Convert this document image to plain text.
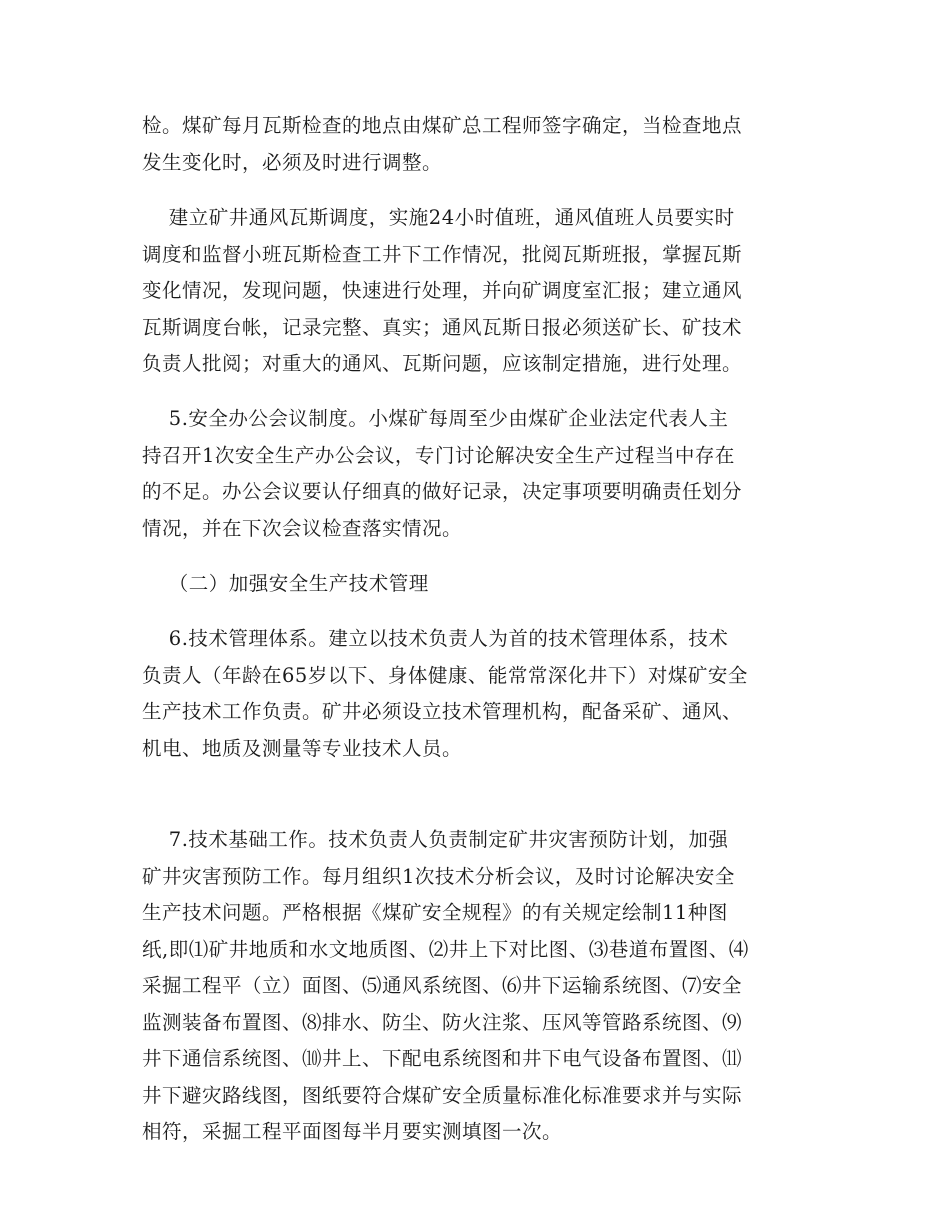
检。煤矿每月瓦斯检查的地点由煤矿总工程师签字确定，当检查地点
发生变化时，必须及时进行调整。

建立矿井通风瓦斯调度，实施24小时值班，通风值班人员要实时
调度和监督小班瓦斯检查工井下工作情况，批阅瓦斯班报，掌握瓦斯
变化情况，发现问题，快速进行处理，并向矿调度室汇报；建立通风
瓦斯调度台帐，记录完整、真实；通风瓦斯日报必须送矿长、矿技术
负责人批阅；对重大的通风、瓦斯问题，应该制定措施，进行处理。

5.安全办公会议制度。小煤矿每周至少由煤矿企业法定代表人主
持召开1次安全生产办公会议，专门讨论解决安全生产过程当中存在
的不足。办公会议要认仔细真的做好记录，决定事项要明确责任划分
情况，并在下次会议检查落实情况。

（二）加强安全生产技术管理

6.技术管理体系。建立以技术负责人为首的技术管理体系，技术
负责人（年龄在65岁以下、身体健康、能常常深化井下）对煤矿安全
生产技术工作负责。矿井必须设立技术管理机构，配备采矿、通风、
机电、地质及测量等专业技术人员。

7.技术基础工作。技术负责人负责制定矿井灾害预防计划，加强
矿井灾害预防工作。每月组织1次技术分析会议，及时讨论解决安全
生产技术问题。严格根据《煤矿安全规程》的有关规定绘制11种图
纸,即⑴矿井地质和水文地质图、⑵井上下对比图、⑶巷道布置图、⑷
采掘工程平（立）面图、⑸通风系统图、⑹井下运输系统图、⑺安全
监测装备布置图、⑻排水、防尘、防火注浆、压风等管路系统图、⑼
井下通信系统图、⑽井上、下配电系统图和井下电气设备布置图、⑾
井下避灾路线图，图纸要符合煤矿安全质量标准化标准要求并与实际
相符，采掘工程平面图每半月要实测填图一次。
